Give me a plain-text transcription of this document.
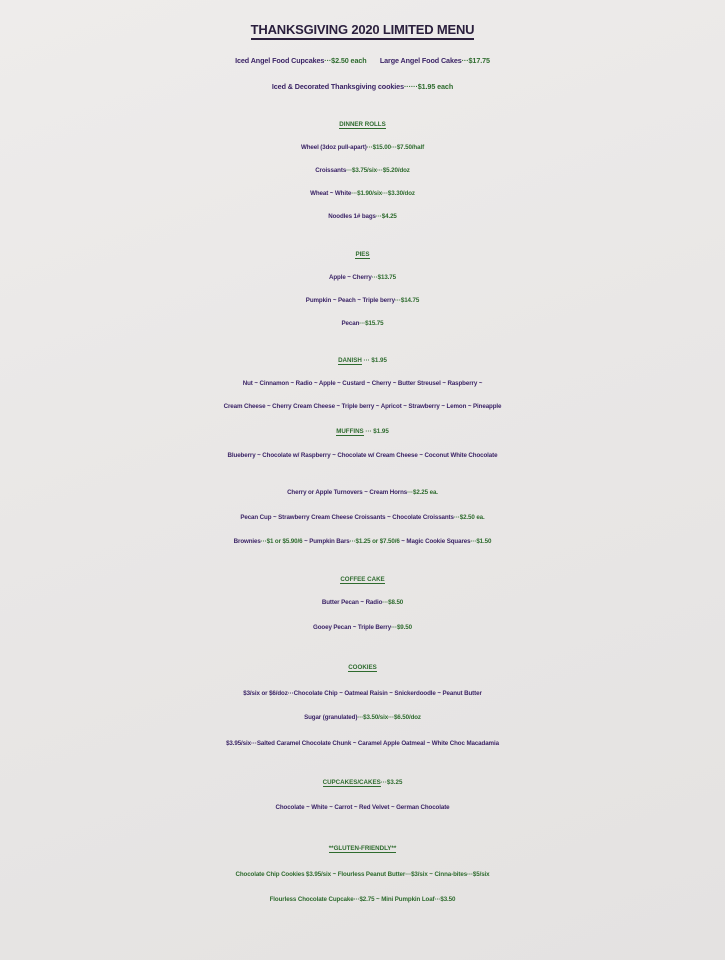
THANKSGIVING 2020 LIMITED MENU
Iced Angel Food Cupcakes···$2.50 each Large Angel Food Cakes···$17.75
Iced & Decorated Thanksgiving cookies······$1.95 each
DINNER ROLLS
Wheel (3doz pull-apart)···$15.00···$7.50/half
Croissants···$3.75/six···$5.20/doz
Wheat ~ White···$1.90/six···$3.30/doz
Noodles 1# bags···$4.25
PIES
Apple ~ Cherry···$13.75
Pumpkin ~ Peach ~ Triple berry···$14.75
Pecan···$15.75
DANISH ··· $1.95
Nut ~ Cinnamon ~ Radio ~ Apple ~ Custard ~ Cherry ~ Butter Streusel ~ Raspberry ~
Cream Cheese ~ Cherry Cream Cheese ~ Triple berry ~ Apricot ~ Strawberry ~ Lemon ~ Pineapple
MUFFINS ··· $1.95
Blueberry ~ Chocolate w/ Raspberry ~ Chocolate w/ Cream Cheese ~ Coconut White Chocolate
Cherry or Apple Turnovers ~ Cream Horns···$2.25 ea.
Pecan Cup ~ Strawberry Cream Cheese Croissants ~ Chocolate Croissants···$2.50 ea.
Brownies···$1 or $5.90/6 ~ Pumpkin Bars···$1.25 or $7.50/6 ~ Magic Cookie Squares···$1.50
COFFEE CAKE
Butter Pecan ~ Radio···$8.50
Gooey Pecan ~ Triple Berry···$9.50
COOKIES
$3/six or $6/doz···Chocolate Chip ~ Oatmeal Raisin ~ Snickerdoodle ~ Peanut Butter
Sugar (granulated)···$3.50/six···$6.50/doz
$3.95/six···Salted Caramel Chocolate Chunk ~ Caramel Apple Oatmeal ~ White Choc Macadamia
CUPCAKES/CAKES···$3.25
Chocolate ~ White ~ Carrot ~ Red Velvet ~ German Chocolate
**GLUTEN-FRIENDLY**
Chocolate Chip Cookies $3.95/six ~ Flourless Peanut Butter···$3/six ~ Cinna-bites···$5/six
Flourless Chocolate Cupcake···$2.75 ~ Mini Pumpkin Loaf···$3.50
